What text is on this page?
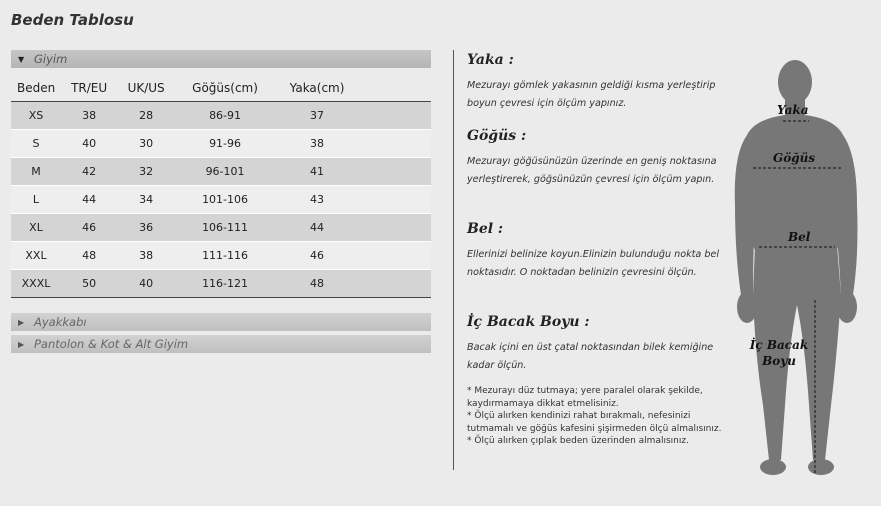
Beden Tablosu
▼ Giyim
Beden	TR/EU	UK/US	Göğüs(cm)	Yaka(cm)	
XS	38	28	86-91	37	
S	40	30	91-96	38	
M	42	32	96-101	41	
L	44	34	101-106	43	
XL	46	36	106-111	44	
XXL	48	38	111-116	46	
XXXL	50	40	116-121	48	
▶ Ayakkabı
▶ Pantolon & Kot & Alt Giyim
Yaka :
Mezurayı gömlek yakasının geldiği kısma yerleştirip boyun çevresi için ölçüm yapınız.
Göğüs :
Mezurayı göğüsünüzün üzerinde en geniş noktasına yerleştirerek, göğsünüzün çevresi için ölçüm yapın.
Bel :
Ellerinizi belinize koyun.Elinizin bulunduğu nokta bel noktasıdır. O noktadan belinizin çevresini ölçün.
İç Bacak Boyu :
Bacak içini en üst çatal noktasından bilek kemiğine kadar ölçün.
* Mezurayı düz tutmaya; yere paralel olarak şekilde, kaydırmamaya dikkat etmelisiniz.
* Ölçü alırken kendinizi rahat bırakmalı, nefesinizi tutmamalı ve göğüs kafesini şişirmeden ölçü almalısınız.
* Ölçü alırken çıplak beden üzerinden almalısınız.
Yaka
Göğüs
Bel
İç Bacak
Boyu
